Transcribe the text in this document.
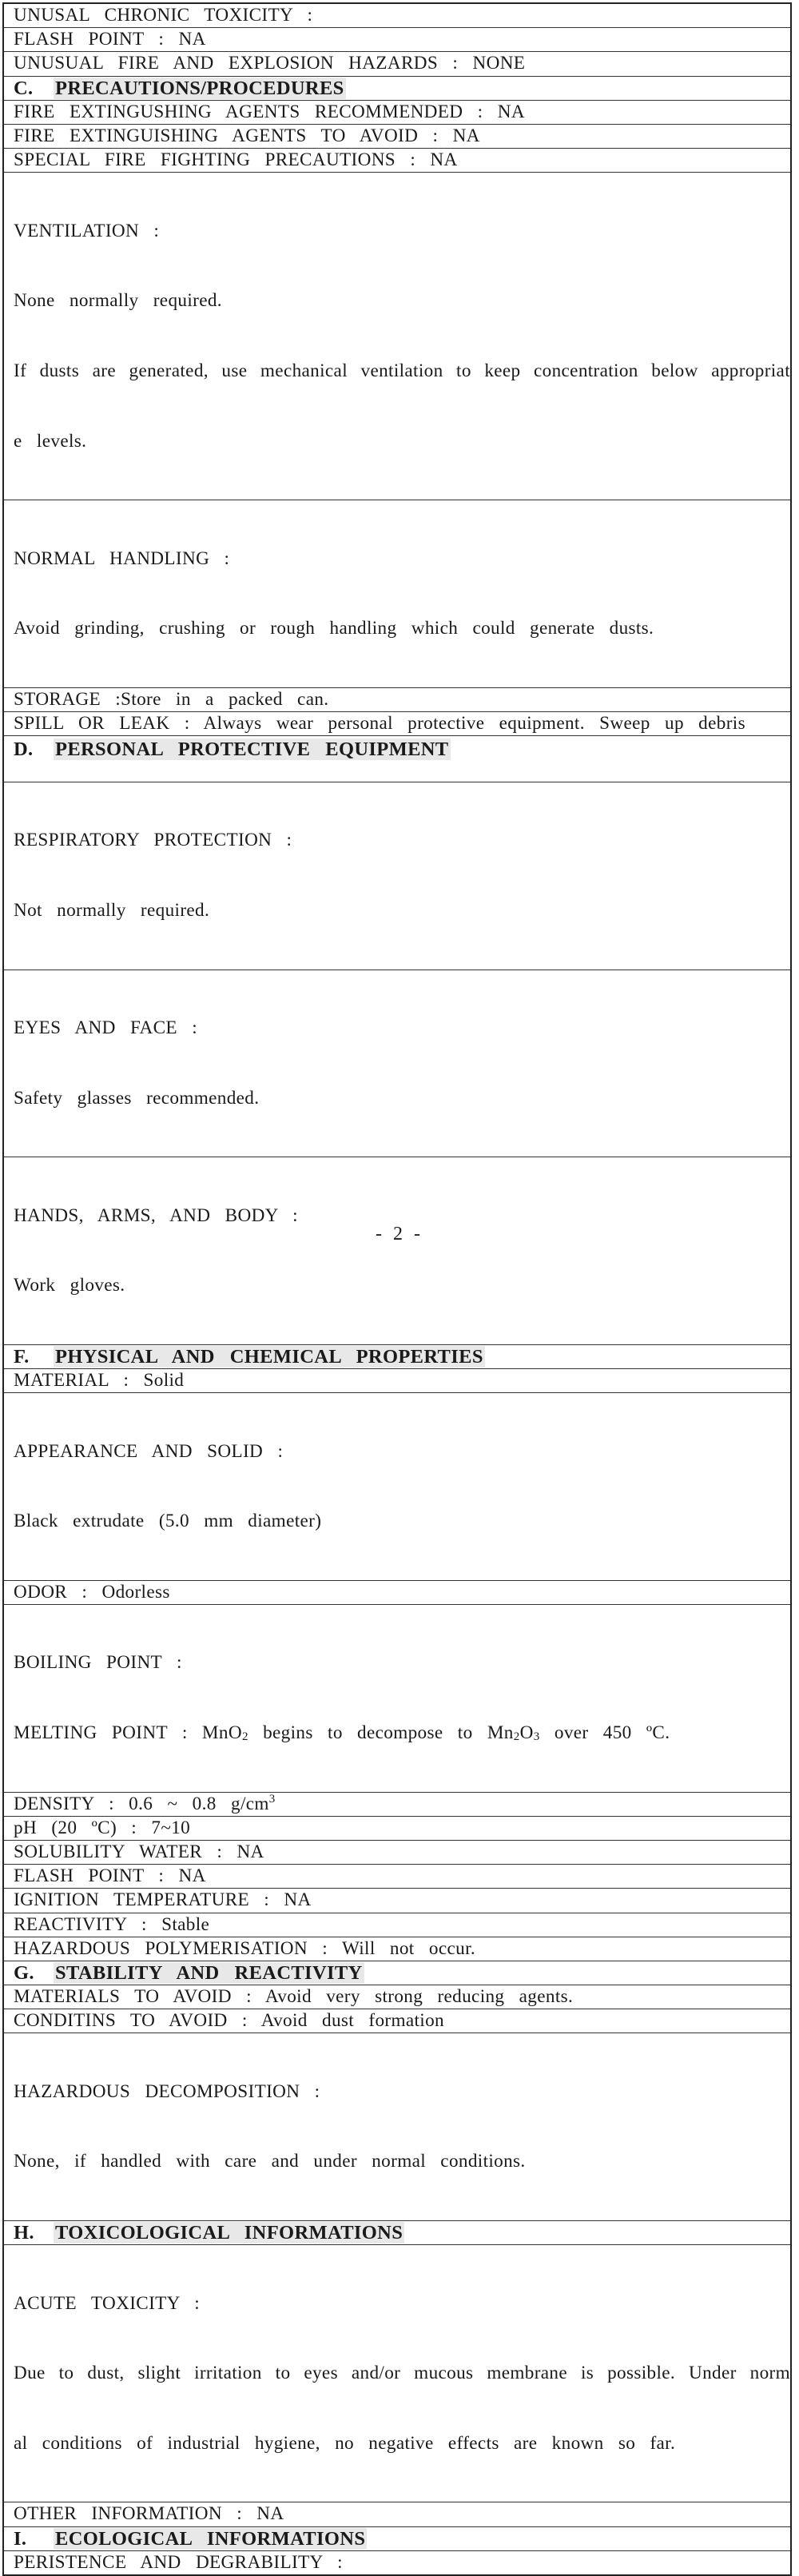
UNUSAL  CHRONIC  TOXICITY  :
FLASH  POINT  :  NA
UNUSUAL  FIRE  AND  EXPLOSION  HAZARDS  :  NONE
C. PRECAUTIONS/PROCEDURES
FIRE  EXTINGUSHING  AGENTS  RECOMMENDED  :  NA
FIRE  EXTINGUISHING  AGENTS  TO  AVOID  :  NA
SPECIAL  FIRE  FIGHTING  PRECAUTIONS  :  NA

VENTILATION  :

None  normally  required.

If dusts are generated, use mechanical ventilation to keep concentration below appropriat

e  levels.

NORMAL  HANDLING  :

Avoid  grinding,  crushing  or  rough  handling  which  could  generate  dusts.

STORAGE  :Store  in  a  packed  can.
SPILL  OR  LEAK  :  Always  wear  personal  protective  equipment.  Sweep  up  debris
D. PERSONAL  PROTECTIVE  EQUIPMENT

RESPIRATORY  PROTECTION  :

Not  normally  required.

EYES  AND  FACE  :

Safety  glasses  recommended.

HANDS,  ARMS,  AND  BODY  :

Work  gloves.

F. PHYSICAL  AND  CHEMICAL  PROPERTIES
MATERIAL  :  Solid

APPEARANCE  AND  SOLID  :

Black  extrudate  (5.0  mm  diameter)

ODOR  :  Odorless

BOILING  POINT  :

MELTING  POINT  :  MnO$_2$  begins  to  decompose  to  $Mn_2O_3$  over  450  ºC.

DENSITY  :  0.6  ~  0.8  $g/cm^3$
pH  (20  ºC)  :  7~10
SOLUBILITY  WATER  :  NA
FLASH  POINT  :  NA
IGNITION  TEMPERATURE  :  NA
REACTIVITY  :  Stable
HAZARDOUS  POLYMERISATION  :  Will  not  occur.
G. STABILITY  AND  REACTIVITY
MATERIALS  TO  AVOID  :  Avoid  very  strong  reducing  agents.
CONDITINS  TO  AVOID  :  Avoid  dust  formation

HAZARDOUS  DECOMPOSITION  :

None,  if  handled  with  care  and  under  normal  conditions.

H. TOXICOLOGICAL  INFORMATIONS

ACUTE  TOXICITY  :

Due to dust, slight irritation to eyes and/or mucous membrane is possible. Under norm

al  conditions  of  industrial  hygiene,  no  negative  effects  are  known  so  far.

OTHER  INFORMATION  :  NA
I. ECOLOGICAL  INFORMATIONS
PERISTENCE  AND  DEGRABILITY  :
- 2 -
